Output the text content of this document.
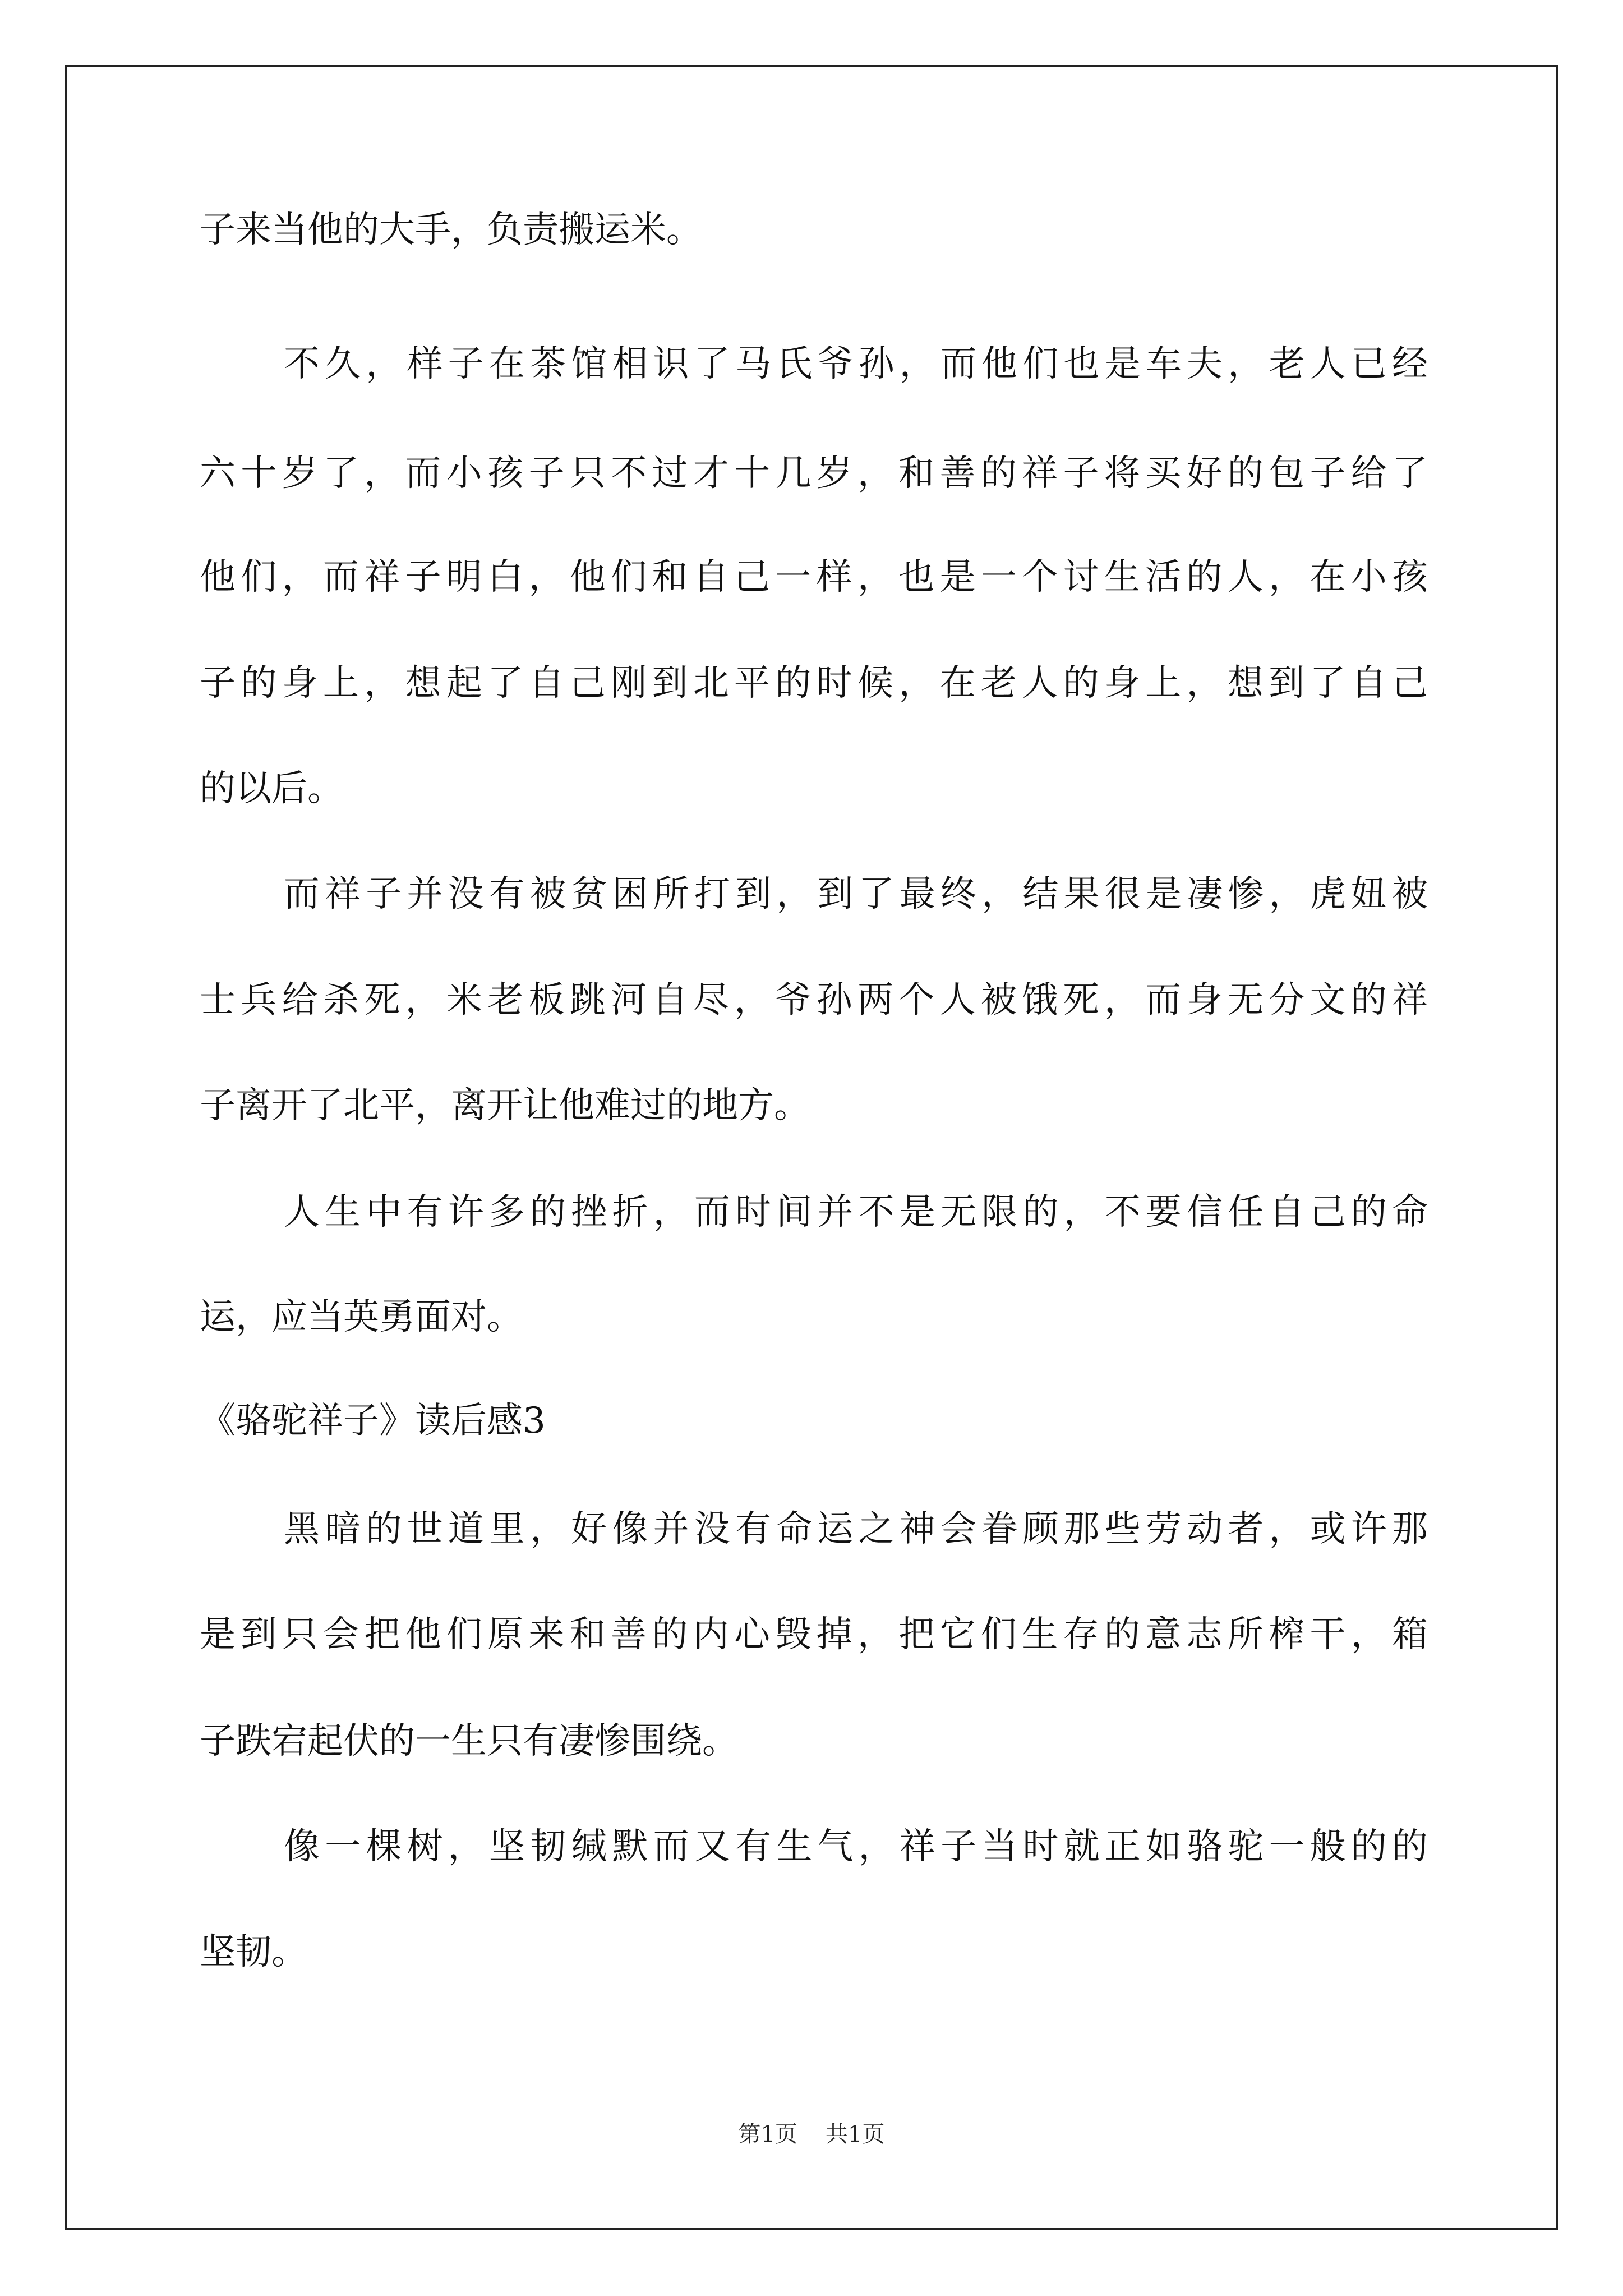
子来当他的大手，负责搬运米。
不久，样子在茶馆相识了马氏爷孙，而他们也是车夫，老人已经
六十岁了，而小孩子只不过才十几岁，和善的祥子将买好的包子给了
他们，而祥子明白，他们和自己一样，也是一个讨生活的人，在小孩
子的身上，想起了自己刚到北平的时候，在老人的身上，想到了自己
的以后。
而祥子并没有被贫困所打到，到了最终，结果很是凄惨，虎妞被
士兵给杀死，米老板跳河自尽，爷孙两个人被饿死，而身无分文的祥
子离开了北平，离开让他难过的地方。
人生中有许多的挫折，而时间并不是无限的，不要信任自己的命
运，应当英勇面对。
《骆驼祥子》读后感3
黑暗的世道里，好像并没有命运之神会眷顾那些劳动者，或许那
是到只会把他们原来和善的内心毁掉，把它们生存的意志所榨干，箱
子跌宕起伏的一生只有凄惨围绕。
像一棵树，坚韧缄默而又有生气，祥子当时就正如骆驼一般的的
坚韧。
第1页 共1页
